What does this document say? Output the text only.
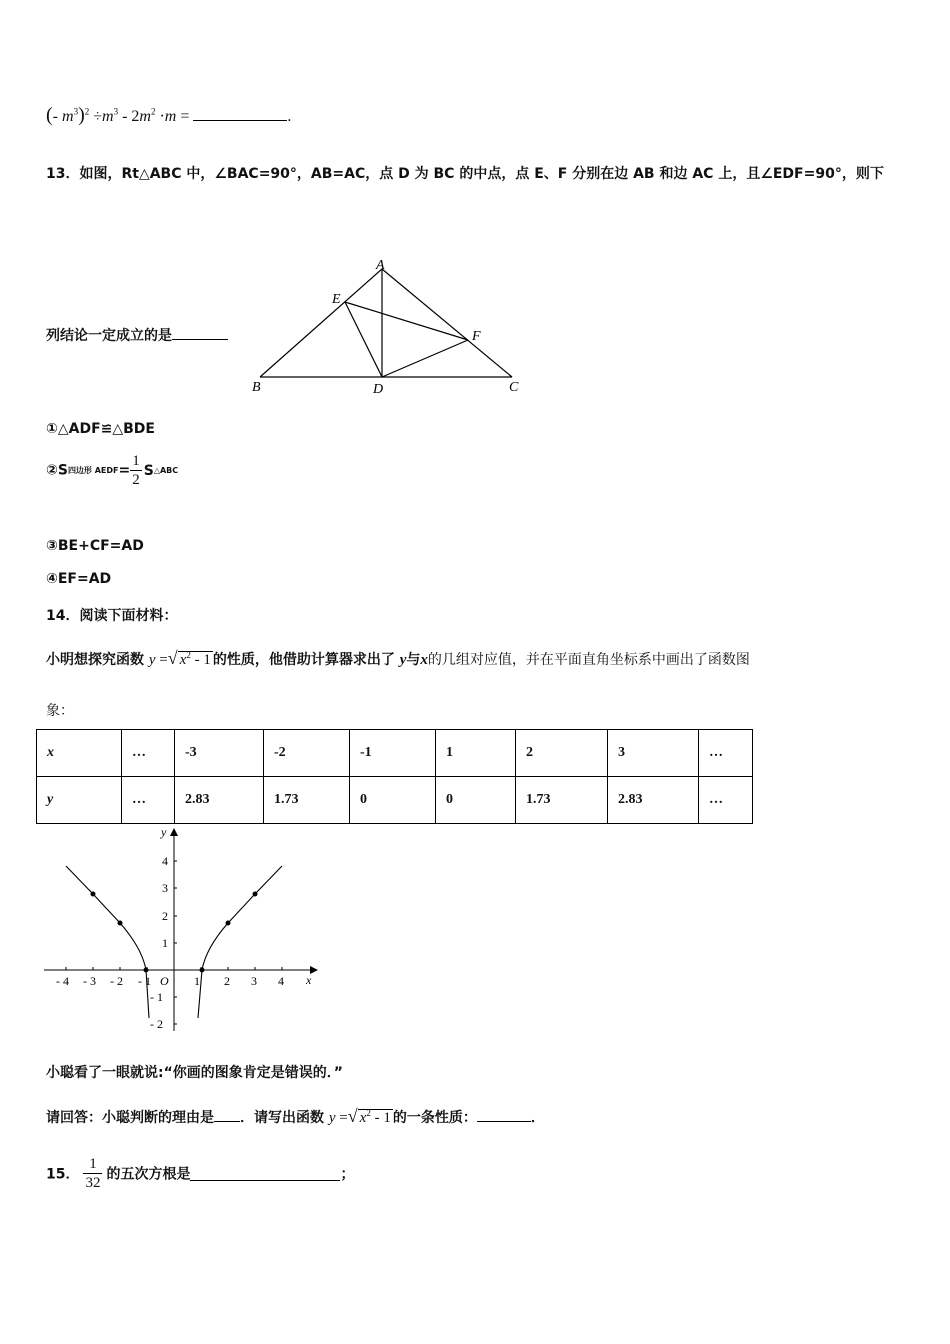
(- $m^3)^2 \div m^3 - 2m^2 \cdot m$ =	.
13．如图，Rt△ABC 中，∠BAC=90°，AB=AC，点 D 为 BC 的中点，点 E、F 分别在边 AB 和边 AC 上，且∠EDF=90°，则下
列结论一定成立的是
A
B	C
D
E
F
①△ADF≌△BDE
②S四边形 AEDF= $\frac{1}{2}$ S△ABC
③BE+CF=AD
④EF=AD
14．阅读下面材料：
小明想探究函数 y =√ $x^2 - 1$ 的性质，他借助计算器求出了 y与x的几组对应值，并在平面直角坐标系中画出了函数图
象：
x	…	-3	-2	-1	1	2	3	…
y	…	2.83	1.73	0	0	1.73	2.83	…
y
x
O
- 4 - 3 - 2 - 1	1 2 3 4
4
3
2
1
- 1
- 2
小聪看了一眼就说:“你画的图象肯定是错误的．”
请回答：小聪判断的理由是 ．请写出函数 y =√ $x^2 - 1$ 的一条性质：	．
15． $\frac{1}{32}$ 的五次方根是	；
